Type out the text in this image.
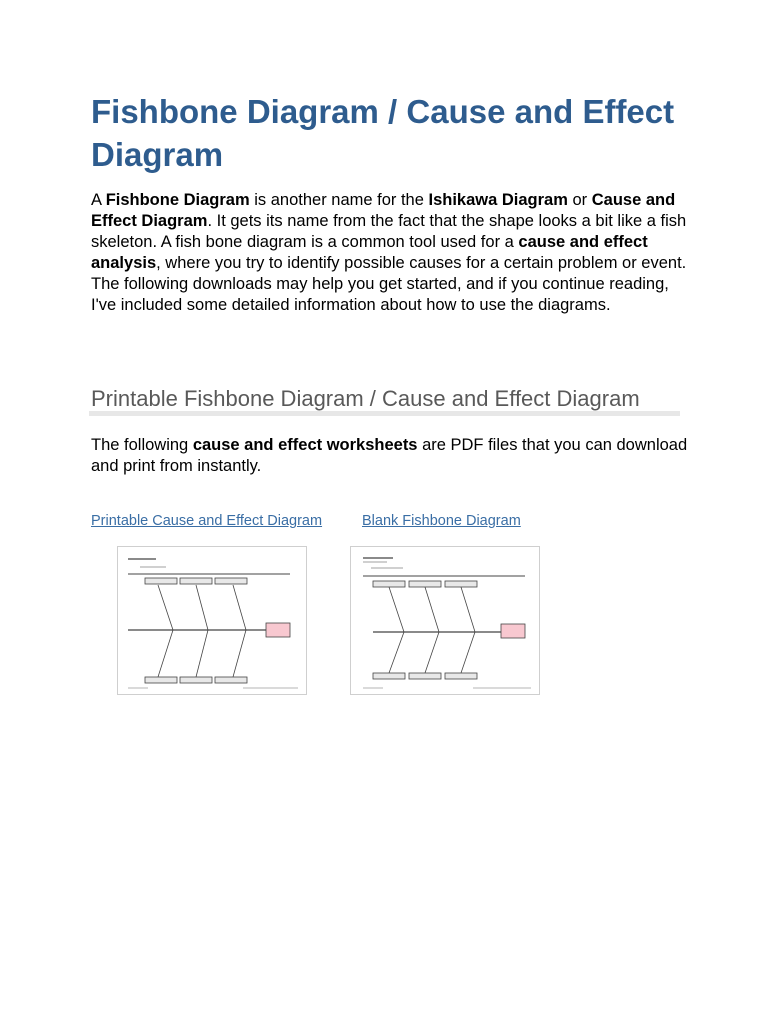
Fishbone Diagram / Cause and Effect Diagram

A Fishbone Diagram is another name for the Ishikawa Diagram or Cause and Effect Diagram. It gets its name from the fact that the shape looks a bit like a fish skeleton. A fish bone diagram is a common tool used for a cause and effect analysis, where you try to identify possible causes for a certain problem or event. The following downloads may help you get started, and if you continue reading, I've included some detailed information about how to use the diagrams.

Printable Fishbone Diagram / Cause and Effect Diagram

The following cause and effect worksheets are PDF files that you can download and print from instantly.

Printable Cause and Effect Diagram	Blank Fishbone Diagram
